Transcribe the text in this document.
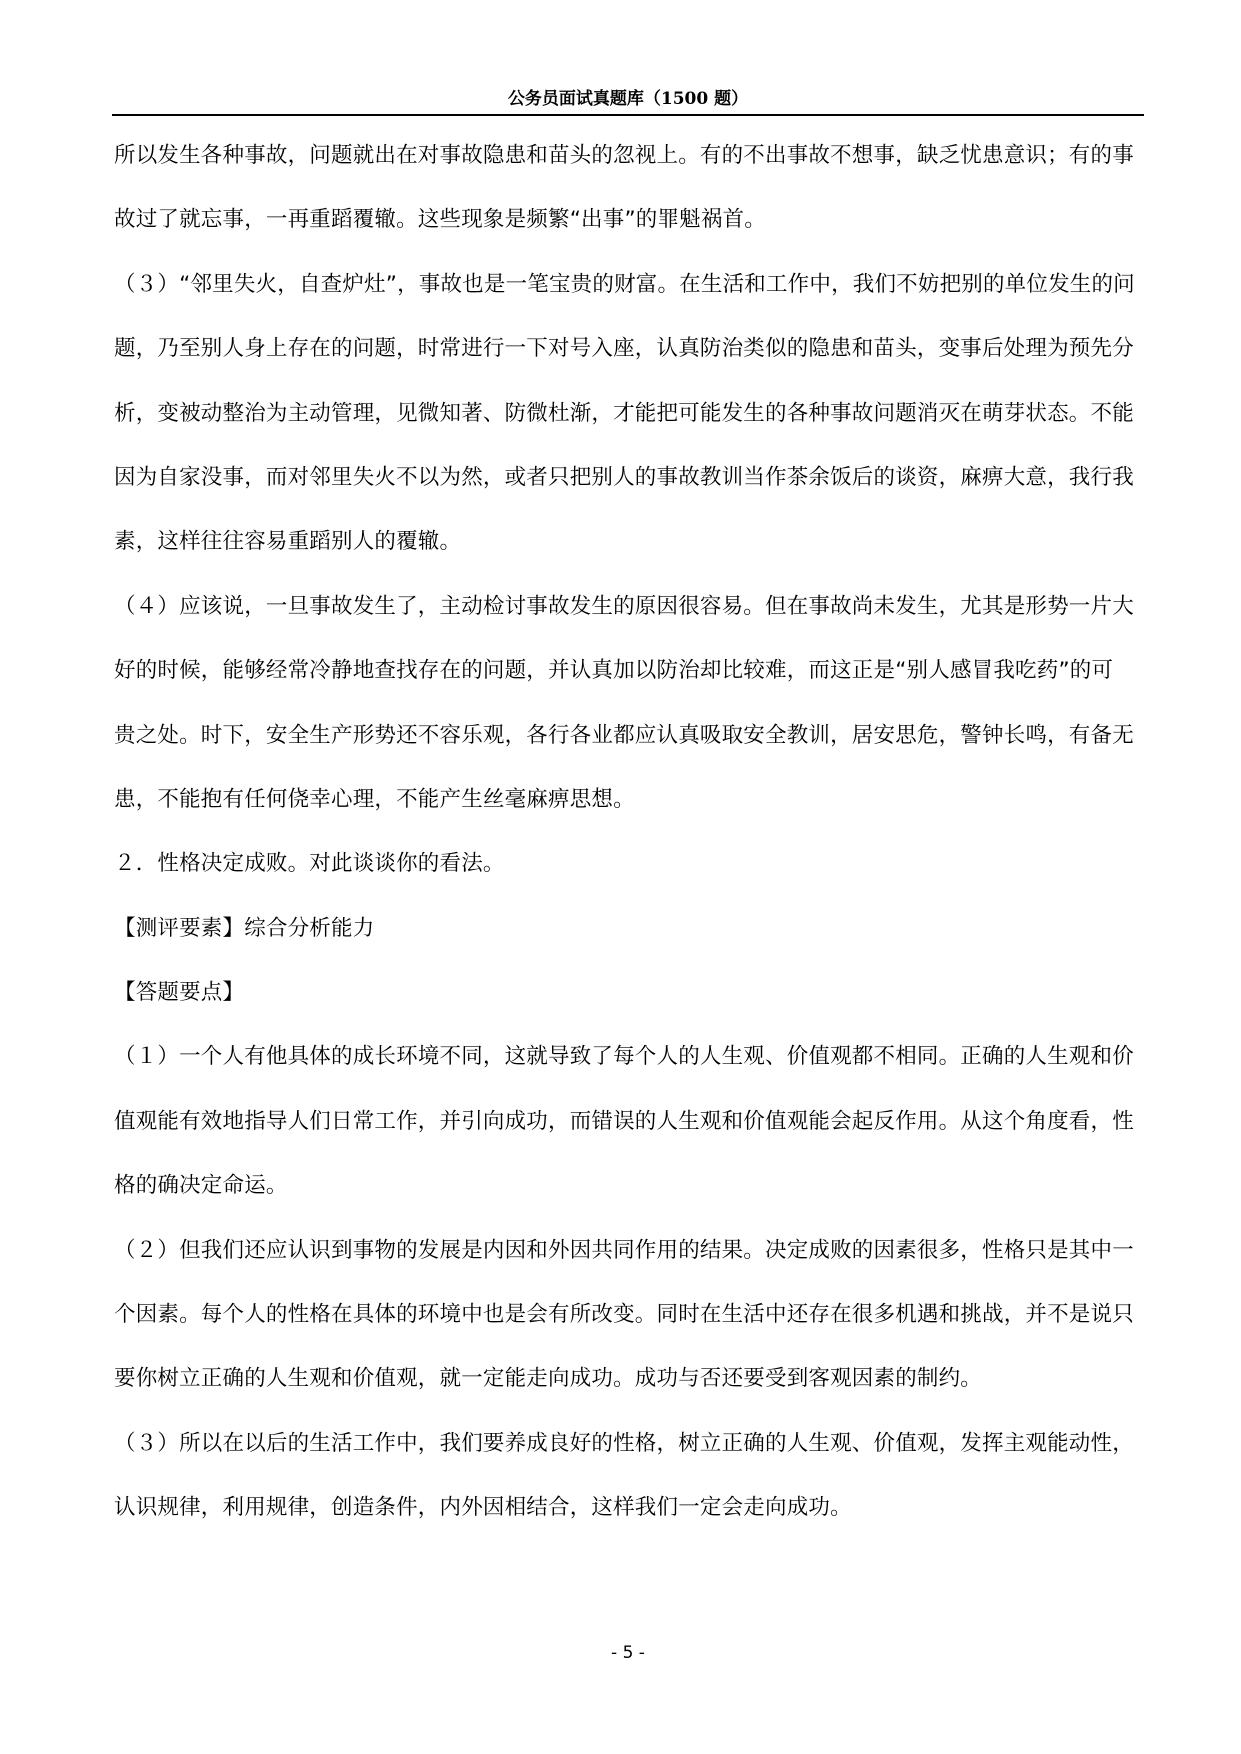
公务员面试真题库（1500 题）
所以发生各种事故，问题就出在对事故隐患和苗头的忽视上。有的不出事故不想事，缺乏忧患意识；有的事
故过了就忘事，一再重蹈覆辙。这些现象是频繁“出事”的罪魁祸首。
（３）“邻里失火，自查炉灶”，事故也是一笔宝贵的财富。在生活和工作中，我们不妨把别的单位发生的问
题，乃至别人身上存在的问题，时常进行一下对号入座，认真防治类似的隐患和苗头，变事后处理为预先分
析，变被动整治为主动管理，见微知著、防微杜渐，才能把可能发生的各种事故问题消灭在萌芽状态。不能
因为自家没事，而对邻里失火不以为然，或者只把别人的事故教训当作茶余饭后的谈资，麻痹大意，我行我
素，这样往往容易重蹈别人的覆辙。
（４）应该说，一旦事故发生了，主动检讨事故发生的原因很容易。但在事故尚未发生，尤其是形势一片大
好的时候，能够经常冷静地查找存在的问题，并认真加以防治却比较难，而这正是“别人感冒我吃药”的可
贵之处。时下，安全生产形势还不容乐观，各行各业都应认真吸取安全教训，居安思危，警钟长鸣，有备无
患，不能抱有任何侥幸心理，不能产生丝毫麻痹思想。
２．性格决定成败。对此谈谈你的看法。
【测评要素】综合分析能力
【答题要点】
（１）一个人有他具体的成长环境不同，这就导致了每个人的人生观、价值观都不相同。正确的人生观和价
值观能有效地指导人们日常工作，并引向成功，而错误的人生观和价值观能会起反作用。从这个角度看，性
格的确决定命运。
（２）但我们还应认识到事物的发展是内因和外因共同作用的结果。决定成败的因素很多，性格只是其中一
个因素。每个人的性格在具体的环境中也是会有所改变。同时在生活中还存在很多机遇和挑战，并不是说只
要你树立正确的人生观和价值观，就一定能走向成功。成功与否还要受到客观因素的制约。
（３）所以在以后的生活工作中，我们要养成良好的性格，树立正确的人生观、价值观，发挥主观能动性，
认识规律，利用规律，创造条件，内外因相结合，这样我们一定会走向成功。
- 5 -
